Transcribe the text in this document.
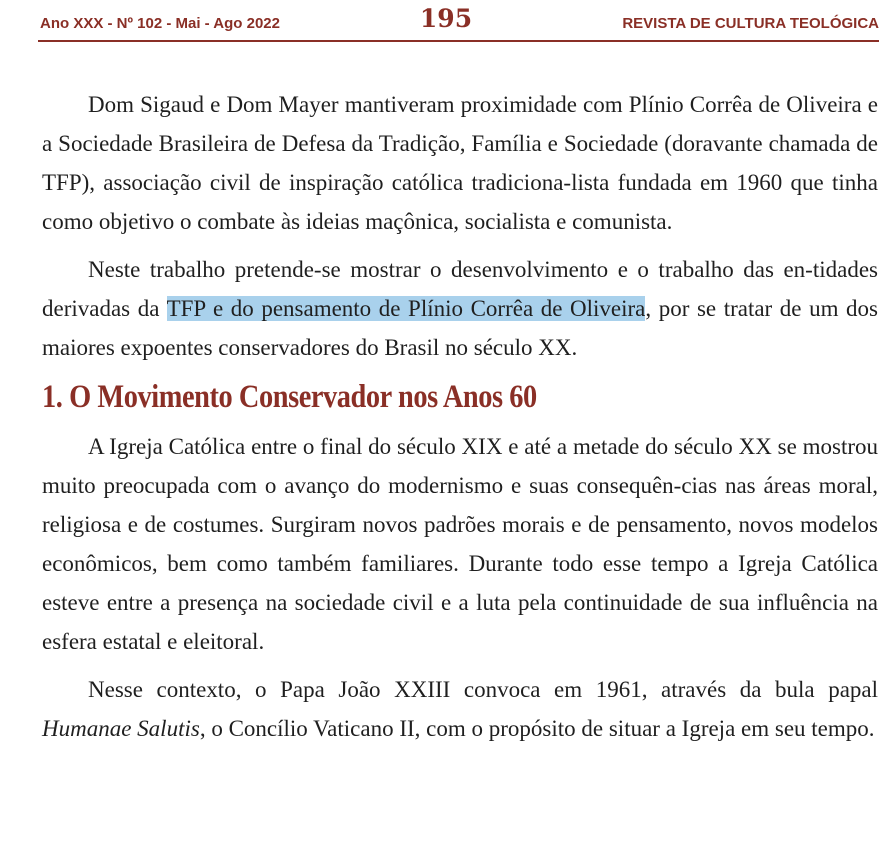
Ano XXX - Nº 102 - Mai - Ago 2022	195	REVISTA DE CULTURA TEOLÓGICA

Dom Sigaud e Dom Mayer mantiveram proximidade com Plínio Corrêa de Oliveira e a Sociedade Brasileira de Defesa da Tradição, Família e Sociedade (doravante chamada de TFP), associação civil de inspiração católica tradiciona-lista fundada em 1960 que tinha como objetivo o combate às ideias maçônica, socialista e comunista.

Neste trabalho pretende-se mostrar o desenvolvimento e o trabalho das en-tidades derivadas da TFP e do pensamento de Plínio Corrêa de Oliveira, por se tratar de um dos maiores expoentes conservadores do Brasil no século XX.

1. O Movimento Conservador nos Anos 60

A Igreja Católica entre o final do século XIX e até a metade do século XX se mostrou muito preocupada com o avanço do modernismo e suas consequên-cias nas áreas moral, religiosa e de costumes. Surgiram novos padrões morais e de pensamento, novos modelos econômicos, bem como também familiares. Durante todo esse tempo a Igreja Católica esteve entre a presença na sociedade civil e a luta pela continuidade de sua influência na esfera estatal e eleitoral.

Nesse contexto, o Papa João XXIII convoca em 1961, através da bula papal Humanae Salutis, o Concílio Vaticano II, com o propósito de situar a Igreja em seu tempo.
